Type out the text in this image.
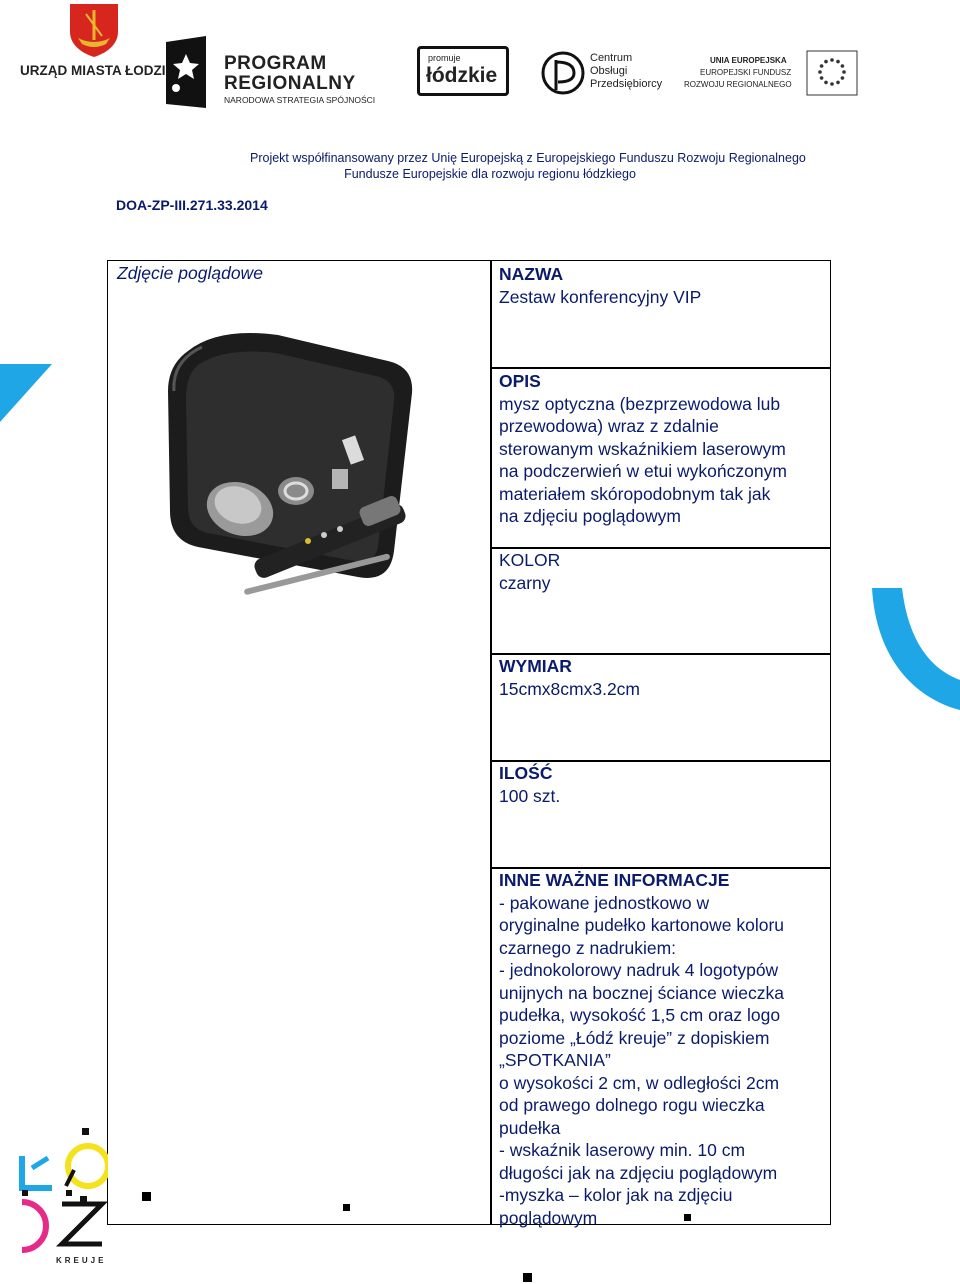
URZĄD MIASTA ŁODZI	PROGRAM
REGIONALNY
NARODOWA STRATEGIA SPÓJNOŚCI
promuje
łódzkie
Centrum
Obsługi
Przedsiębiorcy
UNIA EUROPEJSKA
EUROPEJSKI FUNDUSZ
ROZWOJU REGIONALNEGO
Projekt współfinansowany przez Unię Europejską z Europejskiego Funduszu Rozwoju Regionalnego
Fundusze Europejskie dla rozwoju regionu łódzkiego
DOA-ZP-III.271.33.2014
Zdjęcie poglądowe	NAZWA
Zestaw konferencyjny VIP
OPIS
mysz optyczna (bezprzewodowa lub
przewodowa) wraz z zdalnie
sterowanym wskaźnikiem laserowym
na podczerwień w etui wykończonym
materiałem skóropodobnym tak jak
na zdjęciu poglądowym
KOLOR
czarny
WYMIAR
15cmx8cmx3.2cm
ILOŚĆ
100 szt.
INNE WAŻNE INFORMACJE
- pakowane jednostkowo w
oryginalne pudełko kartonowe koloru
czarnego z nadrukiem:
- jednokolorowy nadruk 4 logotypów
unijnych na bocznej ściance wieczka
pudełka, wysokość 1,5 cm oraz logo
poziome „Łódź kreuje” z dopiskiem
„SPOTKANIA”
o wysokości 2 cm, w odległości 2cm
od prawego dolnego rogu wieczka
pudełka
- wskaźnik laserowy min. 10 cm
długości jak na zdjęciu poglądowym
-myszka – kolor jak na zdjęciu
poglądowym
KREUJE
